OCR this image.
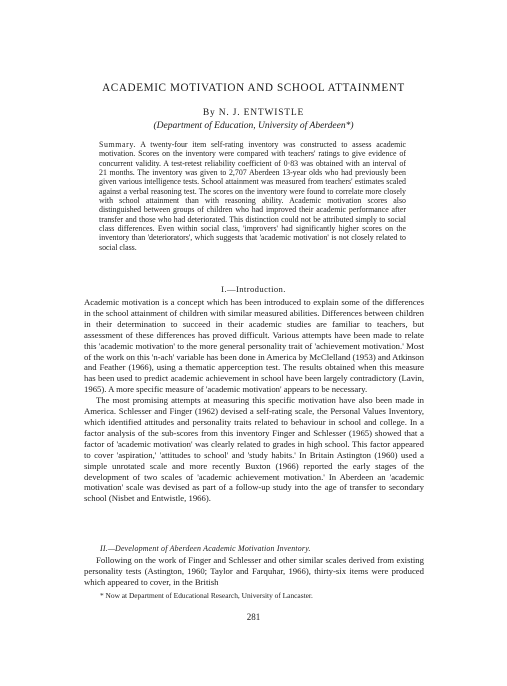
ACADEMIC MOTIVATION AND SCHOOL ATTAINMENT
By N. J. ENTWISTLE
(Department of Education, University of Aberdeen*)
Summary. A twenty-four item self-rating inventory was constructed to assess academic motivation. Scores on the inventory were compared with teachers' ratings to give evidence of concurrent validity. A test-retest reliability coefficient of 0·83 was obtained with an interval of 21 months. The inventory was given to 2,707 Aberdeen 13-year olds who had previously been given various intelligence tests. School attainment was measured from teachers' estimates scaled against a verbal reasoning test. The scores on the inventory were found to correlate more closely with school attainment than with reasoning ability. Academic motivation scores also distinguished between groups of children who had improved their academic performance after transfer and those who had deteriorated. This distinction could not be attributed simply to social class differences. Even within social class, 'improvers' had significantly higher scores on the inventory than 'deteriorators', which suggests that 'academic motivation' is not closely related to social class.
I.—Introduction.

Academic motivation is a concept which has been introduced to explain some of the differences in the school attainment of children with similar measured abilities. Differences between children in their determination to succeed in their academic studies are familiar to teachers, but assessment of these differences has proved difficult. Various attempts have been made to relate this 'academic motivation' to the more general personality trait of 'achievement motivation.' Most of the work on this 'n-ach' variable has been done in America by McClelland (1953) and Atkinson and Feather (1966), using a thematic apperception test. The results obtained when this measure has been used to predict academic achievement in school have been largely contradictory (Lavin, 1965). A more specific measure of 'academic motivation' appears to be necessary.

The most promising attempts at measuring this specific motivation have also been made in America. Schlesser and Finger (1962) devised a self-rating scale, the Personal Values Inventory, which identified attitudes and personality traits related to behaviour in school and college. In a factor analysis of the sub-scores from this inventory Finger and Schlesser (1965) showed that a factor of 'academic motivation' was clearly related to grades in high school. This factor appeared to cover 'aspiration,' 'attitudes to school' and 'study habits.' In Britain Astington (1960) used a simple unrotated scale and more recently Buxton (1966) reported the early stages of the development of two scales of 'academic achievement motivation.' In Aberdeen an 'academic motivation' scale was devised as part of a follow-up study into the age of transfer to secondary school (Nisbet and Entwistle, 1966).

II.—Development of Aberdeen Academic Motivation Inventory.

Following on the work of Finger and Schlesser and other similar scales derived from existing personality tests (Astington, 1960; Taylor and Farquhar, 1966), thirty-six items were produced which appeared to cover, in the British

* Now at Department of Educational Research, University of Lancaster.
281
